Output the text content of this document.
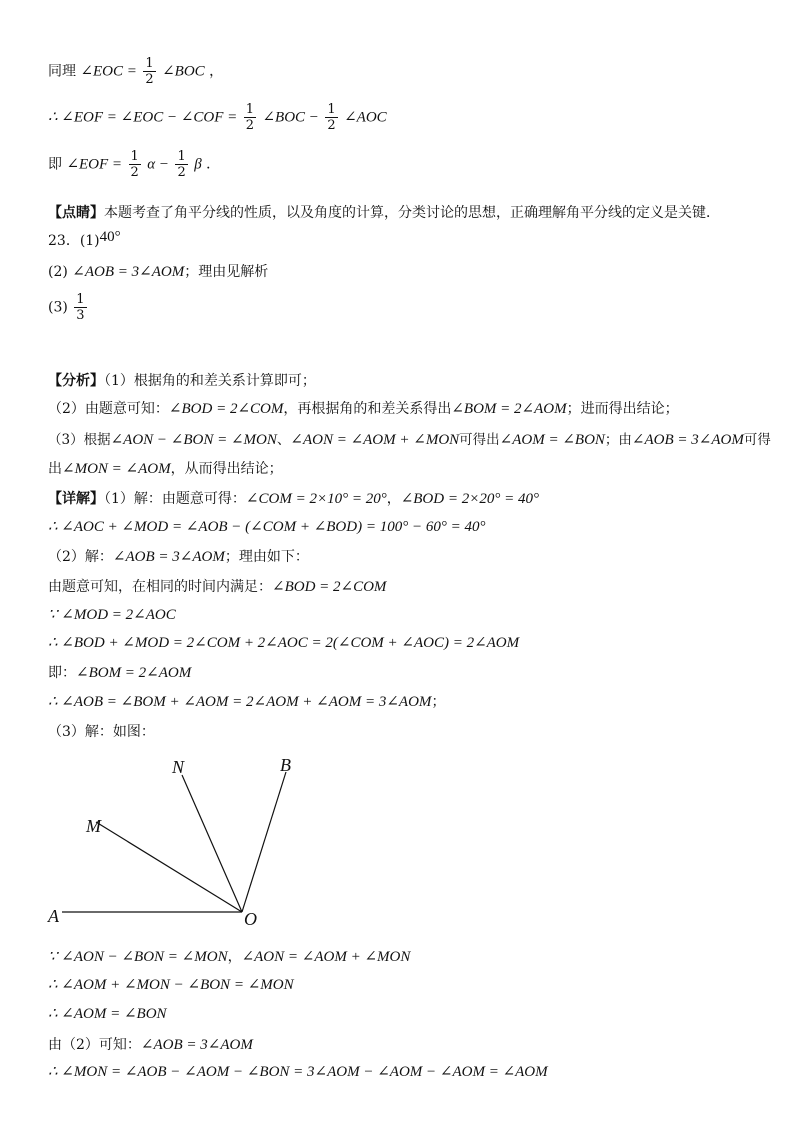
同理 ∠EOC = $\frac{1}{2}$ ∠BOC ，
∴ ∠EOF = ∠EOC − ∠COF = $\frac{1}{2}$ ∠BOC − $\frac{1}{2}$ ∠AOC
即 ∠EOF = $\frac{1}{2}$ $\alpha - \frac{1}{2}$ β ．
【点睛】本题考查了角平分线的性质，以及角度的计算，分类讨论的思想，正确理解角平分线的定义是关键．
23．(1)40°
(2) ∠AOB = 3∠AOM；理由见解析
$(3) \frac{1}{3}$
【分析】（1）根据角的和差关系计算即可；
（2）由题意可知：∠BOD = 2∠COM，再根据角的和差关系得出∠BOM = 2∠AOM；进而得出结论；
（3）根据∠AON − ∠BON = ∠MON、∠AON = ∠AOM + ∠MON可得出∠AOM = ∠BON；由∠AOB = 3∠AOM可得
出∠MON = ∠AOM，从而得出结论；
【详解】（1）解：由题意可得：∠COM = 2×10° = 20°，∠BOD = 2×20° = 40°
∴ ∠AOC + ∠MOD = ∠AOB − (∠COM + ∠BOD) = 100° − 60° = 40°
（2）解：∠AOB = 3∠AOM；理由如下：
由题意可知，在相同的时间内满足：∠BOD = 2∠COM
∵ ∠MOD = 2∠AOC
∴ ∠BOD + ∠MOD = 2∠COM + 2∠AOC = 2(∠COM + ∠AOC) = 2∠AOM
即：∠BOM = 2∠AOM
∴ ∠AOB = ∠BOM + ∠AOM = 2∠AOM + ∠AOM = 3∠AOM；
（3）解：如图：
N	B
M
A	O
∵ ∠AON − ∠BON = ∠MON，∠AON = ∠AOM + ∠MON
∴ ∠AOM + ∠MON − ∠BON = ∠MON
∴ ∠AOM = ∠BON
由（2）可知：∠AOB = 3∠AOM
∴ ∠MON = ∠AOB − ∠AOM − ∠BON = 3∠AOM − ∠AOM − ∠AOM = ∠AOM
